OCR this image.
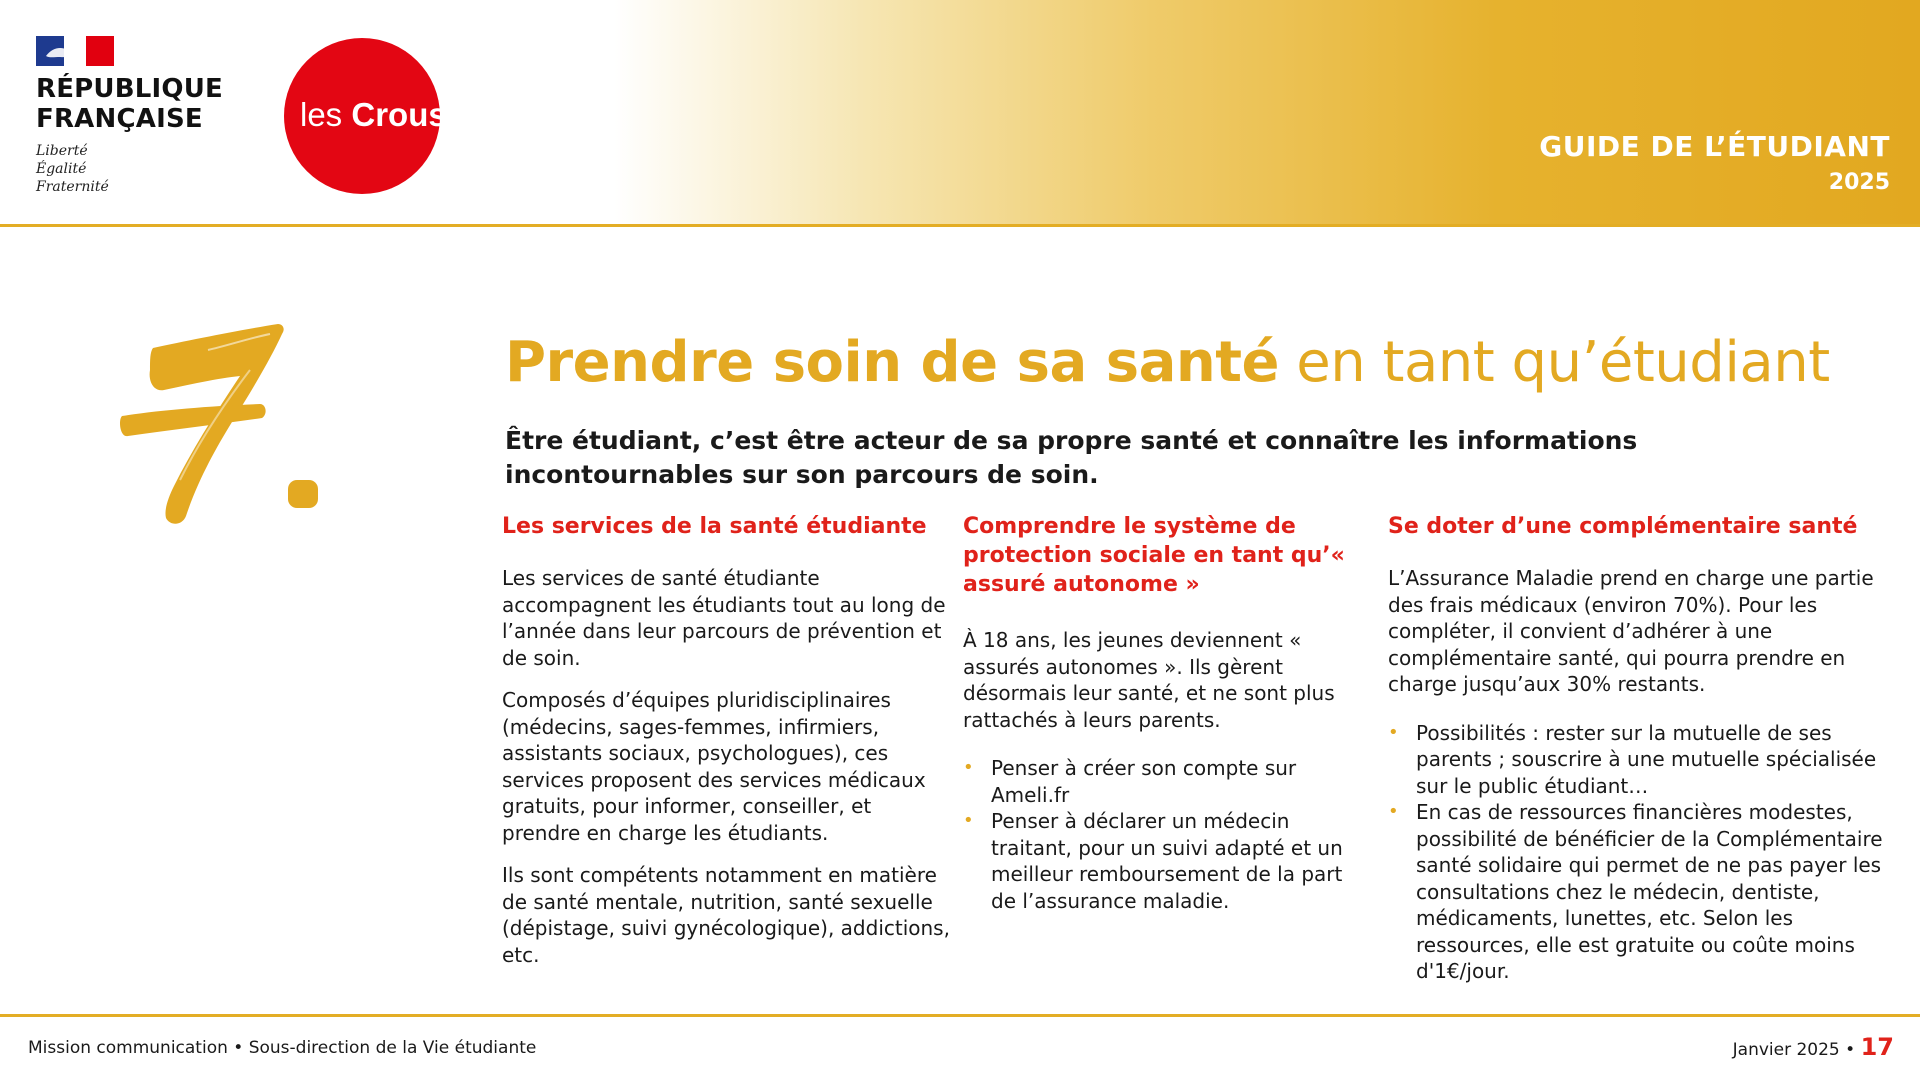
RÉPUBLIQUE
FRANÇAISE
Liberté
Égalité
Fraternité
les Crous
GUIDE DE L’ÉTUDIANT
2025
7.
Prendre soin de sa santé en tant qu’étudiant
Être étudiant, c’est être acteur de sa propre santé et connaître les informations incontournables sur son parcours de soin.
Les services de la santé étudiante

Les services de santé étudiante accompagnent les étudiants tout au long de l’année dans leur parcours de prévention et de soin.

Composés d’équipes pluridisciplinaires (médecins, sages-femmes, infirmiers, assistants sociaux, psychologues), ces services proposent des services médicaux gratuits, pour informer, conseiller, et prendre en charge les étudiants.

Ils sont compétents notamment en matière de santé mentale, nutrition, santé sexuelle (dépistage, suivi gynécologique), addictions, etc.

Comprendre le système de protection sociale en tant qu’« assuré autonome »

À 18 ans, les jeunes deviennent « assurés autonomes ». Ils gèrent désormais leur santé, et ne sont plus rattachés à leurs parents.

• Penser à créer son compte sur Ameli.fr
• Penser à déclarer un médecin traitant, pour un suivi adapté et un meilleur remboursement de la part de l’assurance maladie.
Se doter d’une complémentaire santé

L’Assurance Maladie prend en charge une partie des frais médicaux (environ 70%). Pour les compléter, il convient d’adhérer à une complémentaire santé, qui pourra prendre en charge jusqu’aux 30% restants.

• Possibilités : rester sur la mutuelle de ses parents ; souscrire à une mutuelle spécialisée sur le public étudiant…
• En cas de ressources financières modestes, possibilité de bénéficier de la Complémentaire santé solidaire qui permet de ne pas payer les consultations chez le médecin, dentiste, médicaments, lunettes, etc. Selon les ressources, elle est gratuite ou coûte moins d'1€/jour.
Mission communication • Sous-direction de la Vie étudiante	Janvier 2025 • 17
